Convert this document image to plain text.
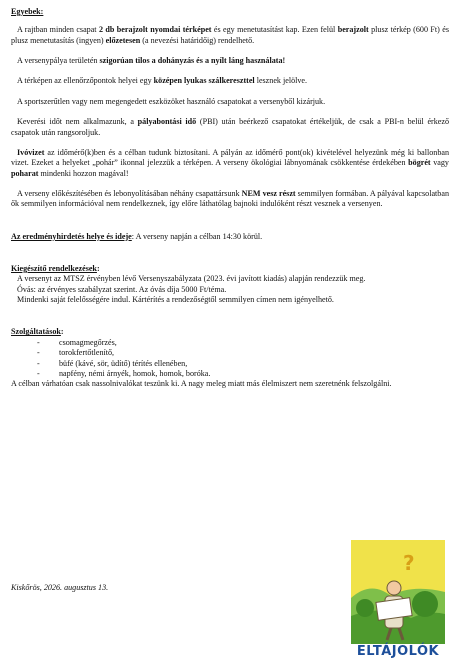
Egyebek:

A rajtban minden csapat 2 db berajzolt nyomdai térképet és egy menetutasítást kap. Ezen felül berajzolt plusz térkép (600 Ft) és plusz menetutasítás (ingyen) előzetesen (a nevezési határidőig) rendelhető.

A versenypálya területén szigorúan tilos a dohányzás és a nyílt láng használata!

A térképen az ellenőrzőpontok helyei egy középen lyukas szálkereszttel lesznek jelölve.

A sportszerűtlen vagy nem megengedett eszközöket használó csapatokat a versenyből kizárjuk.

Keverési időt nem alkalmazunk, a pályabontási idő (PBI) után beérkező csapatokat értékeljük, de csak a PBI-n belül érkező csapatok után rangsoroljuk.

Ivóvizet az időmérő(k)ben és a célban tudunk biztosítani. A pályán az időmérő pont(ok) kivételével helyezünk még ki ballonban vizet. Ezeket a helyeket „pohár” ikonnal jelezzük a térképen. A verseny ökológiai lábnyomának csökkentése érdekében bögrét vagy poharat mindenki hozzon magával!

A verseny előkészítésében és lebonyolításában néhány csapattársunk NEM vesz részt semmilyen formában. A pályával kapcsolatban ők semmilyen információval nem rendelkeznek, így előre láthatólag bajnoki indulóként részt vesznek a versenyen.

Az eredményhirdetés helye és ideje: A verseny napján a célban 14:30 körül.

Kiegészítő rendelkezések:

A versenyt az MTSZ érvényben lévő Versenyszabályzata (2023. évi javított kiadás) alapján rendezzük meg.

Óvás: az érvényes szabályzat szerint. Az óvás díja 5000 Ft/téma.

Mindenki saját felelősségére indul. Kártérítés a rendezőségtől semmilyen címen nem igényelhető.

Szolgáltatások:
- csomagmegőrzés,
- torokfertőtlenítő,
- büfé (kávé, sör, üdítő) térítés ellenében,
- napfény, némi árnyék, homok, homok, boróka.

A célban várhatóan csak nassolnivalókat teszünk ki. A nagy meleg miatt más élelmiszert nem szeretnénk felszolgálni.

Kiskőrös, 2026. augusztus 13.
?
ELTÁJOLÓK
